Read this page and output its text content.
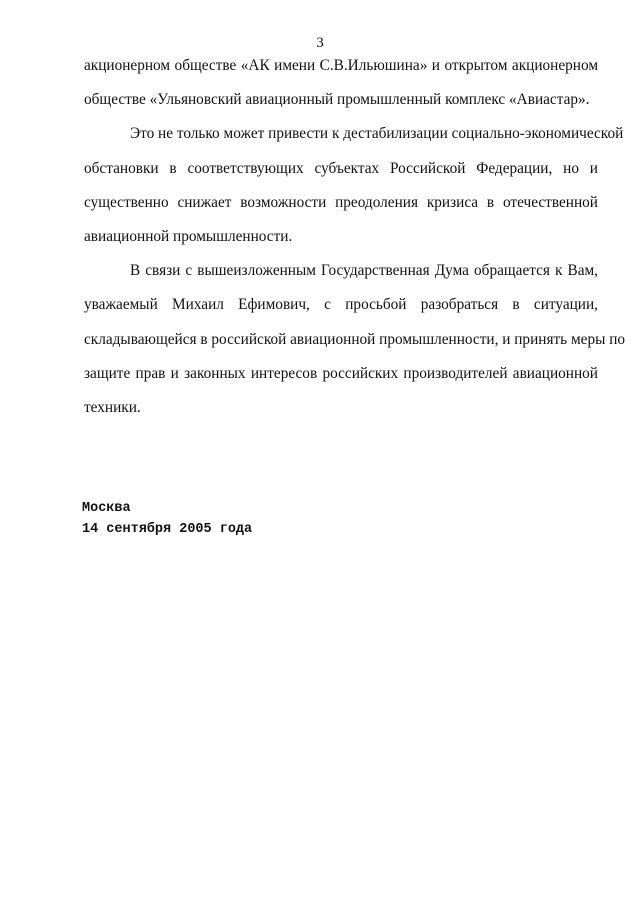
3
акционерном обществе «АК имени С.В.Ильюшина» и открытом акционерном
обществе «Ульяновский авиационный промышленный комплекс «Авиастар».
Это не только может привести к дестабилизации социально-экономической
обстановки в соответствующих субъектах Российской Федерации, но и
существенно снижает возможности преодоления кризиса в отечественной
авиационной промышленности.
В связи с вышеизложенным Государственная Дума обращается к Вам,
уважаемый Михаил Ефимович, с просьбой разобраться в ситуации,
складывающейся в российской авиационной промышленности, и принять меры по
защите прав и законных интересов российских производителей авиационной
техники.
Москва
14 сентября 2005 года
